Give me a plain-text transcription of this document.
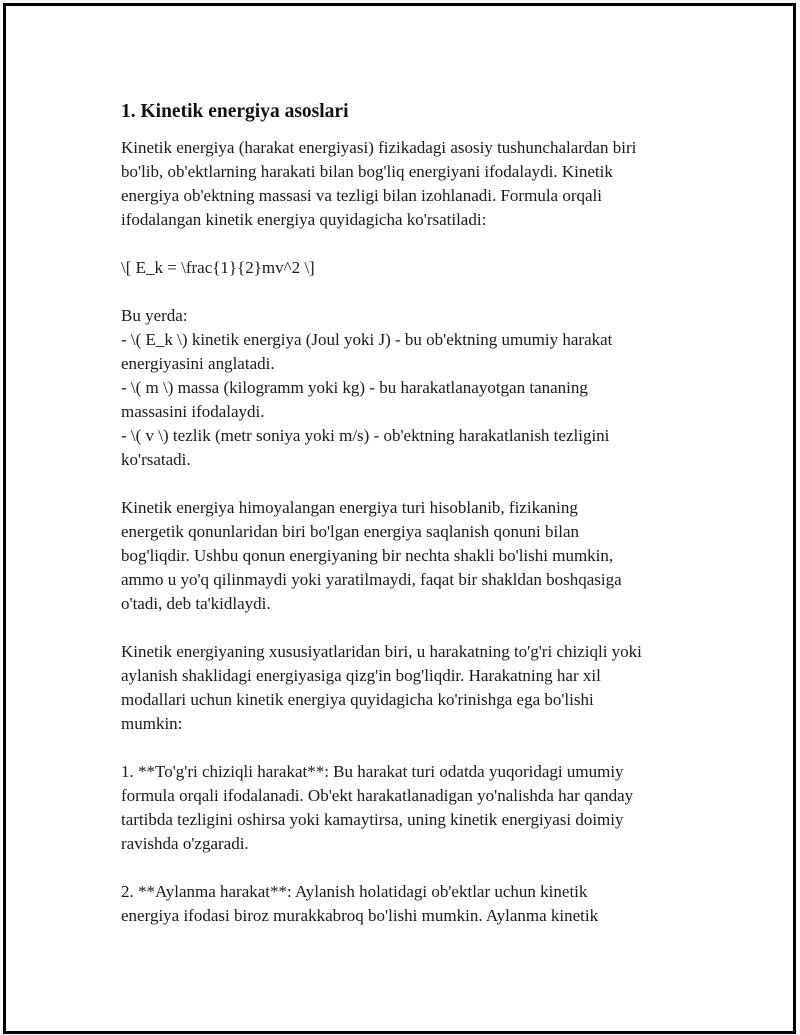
1. Kinetik energiya asoslari
Kinetik energiya (harakat energiyasi) fizikadagi asosiy tushunchalardan biri
bo'lib, ob'ektlarning harakati bilan bog'liq energiyani ifodalaydi. Kinetik
energiya ob'ektning massasi va tezligi bilan izohlanadi. Formula orqali
ifodalangan kinetik energiya quyidagicha ko'rsatiladi:
\[ E_k = \frac{1}{2}mv^2 \]
Bu yerda:
- \( E_k \) kinetik energiya (Joul yoki J) - bu ob'ektning umumiy harakat
energiyasini anglatadi.
- \( m \) massa (kilogramm yoki kg) - bu harakatlanayotgan tananing
massasini ifodalaydi.
- \( v \) tezlik (metr soniya yoki m/s) - ob'ektning harakatlanish tezligini
ko'rsatadi.
Kinetik energiya himoyalangan energiya turi hisoblanib, fizikaning
energetik qonunlaridan biri bo'lgan energiya saqlanish qonuni bilan
bog'liqdir. Ushbu qonun energiyaning bir nechta shakli bo'lishi mumkin,
ammo u yo'q qilinmaydi yoki yaratilmaydi, faqat bir shakldan boshqasiga
o'tadi, deb ta'kidlaydi.
Kinetik energiyaning xususiyatlaridan biri, u harakatning to'g'ri chiziqli yoki
aylanish shaklidagi energiyasiga qizg'in bog'liqdir. Harakatning har xil
modallari uchun kinetik energiya quyidagicha ko'rinishga ega bo'lishi
mumkin:
1. **To'g'ri chiziqli harakat**: Bu harakat turi odatda yuqoridagi umumiy
formula orqali ifodalanadi. Ob'ekt harakatlanadigan yo'nalishda har qanday
tartibda tezligini oshirsa yoki kamaytirsa, uning kinetik energiyasi doimiy
ravishda o'zgaradi.
2. **Aylanma harakat**: Aylanish holatidagi ob'ektlar uchun kinetik
energiya ifodasi biroz murakkabroq bo'lishi mumkin. Aylanma kinetik
